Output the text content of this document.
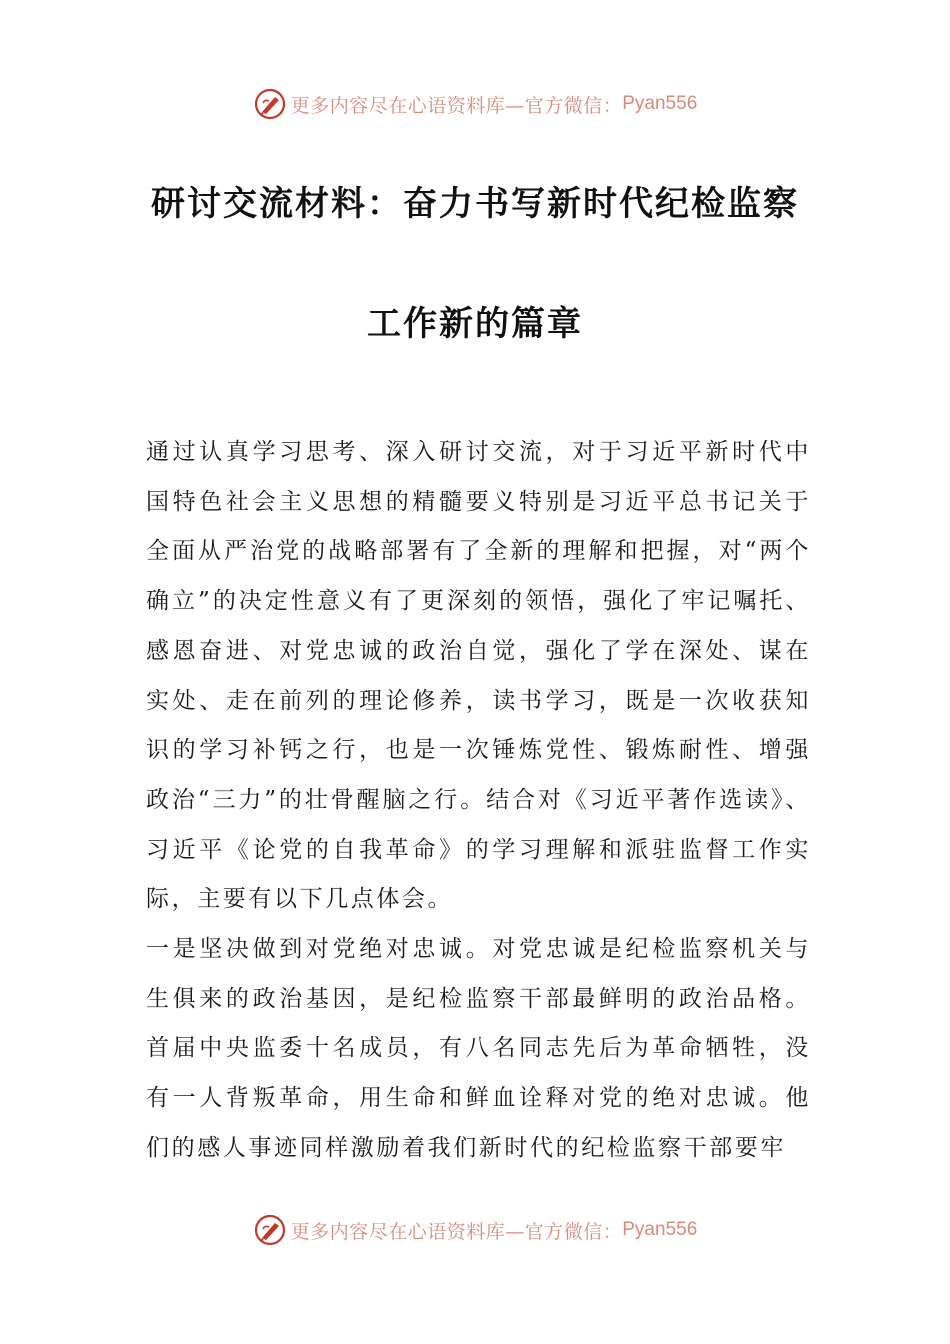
更多内容尽在心语资料库—官方微信： Pyan556
研讨交流材料：奋力书写新时代纪检监察
工作新的篇章

通过认真学习思考、深入研讨交流，对于习近平新时代中国特色社会主义思想的精髓要义特别是习近平总书记关于全面从严治党的战略部署有了全新的理解和把握，对“两个确立”的决定性意义有了更深刻的领悟，强化了牢记嘱托、感恩奋进、对党忠诚的政治自觉，强化了学在深处、谋在实处、走在前列的理论修养，读书学习，既是一次收获知识的学习补钙之行，也是一次锤炼党性、锻炼耐性、增强政治“三力”的壮骨醒脑之行。结合对《习近平著作选读》、习近平《论党的自我革命》的学习理解和派驻监督工作实际，主要有以下几点体会。

一是坚决做到对党绝对忠诚。对党忠诚是纪检监察机关与生俱来的政治基因，是纪检监察干部最鲜明的政治品格。首届中央监委十名成员，有八名同志先后为革命牺牲，没有一人背叛革命，用生命和鲜血诠释对党的绝对忠诚。他们的感人事迹同样激励着我们新时代的纪检监察干部要牢

更多内容尽在心语资料库—官方微信： Pyan556
